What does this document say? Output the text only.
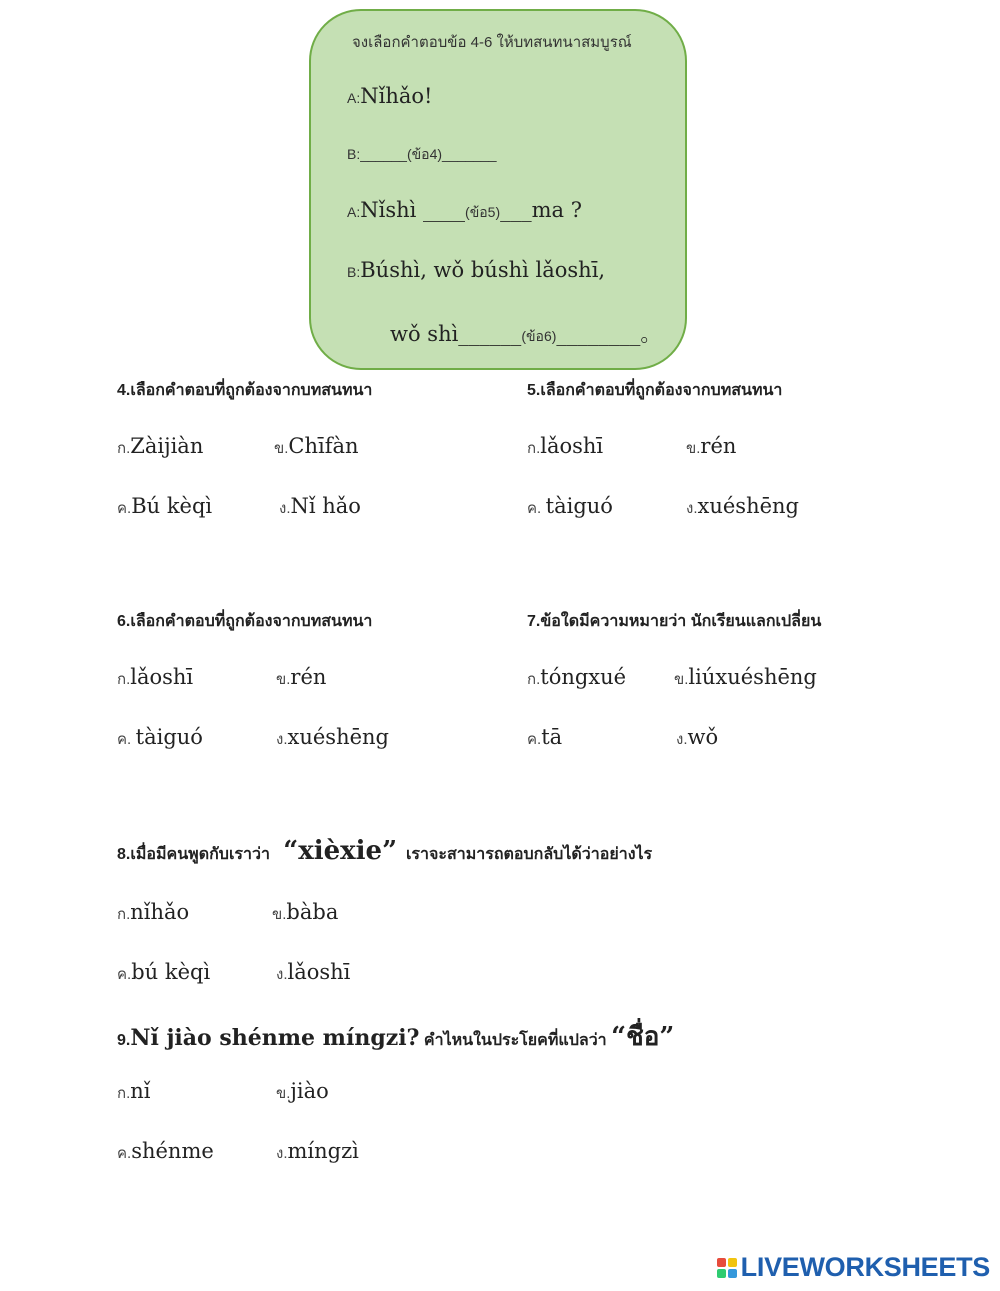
จงเลือกคำตอบข้อ 4-6 ให้บทสนทนาสมบูรณ์
A:Nǐhǎo!
B:______(ข้อ4)_______
A:Nǐshì ____(ข้อ5)___ma ?
B:Búshì, wǒ búshì lǎoshī,
wǒ shì______(ข้อ6)________。
4.เลือกคำตอบที่ถูกต้องจากบทสนทนา
ก.Zàijiàn	ข.Chīfàn
ค.Bú kèqì	ง.Nǐ hǎo
5.เลือกคำตอบที่ถูกต้องจากบทสนทนา
ก.lǎoshī	ข.rén
ค. tàiguó	ง.xuéshēng
6.เลือกคำตอบที่ถูกต้องจากบทสนทนา
ก.lǎoshī	ข.rén
ค. tàiguó	ง.xuéshēng
7.ข้อใดมีความหมายว่า นักเรียนแลกเปลี่ยน
ก.tóngxué	ข.liúxuéshēng
ค.tā	ง.wǒ
8.เมื่อมีคนพูดกับเราว่า “xièxie” เราจะสามารถตอบกลับได้ว่าอย่างไร
ก.nǐhǎo	ข.bàba
ค.bú kèqì	ง.lǎoshī
9.Nǐ jiào shénme míngzi? คำไหนในประโยคที่แปลว่า “ชื่อ”
ก.nǐ	ข.jiào
ค.shénme	ง.míngzì
LIVEWORKSHEETS
